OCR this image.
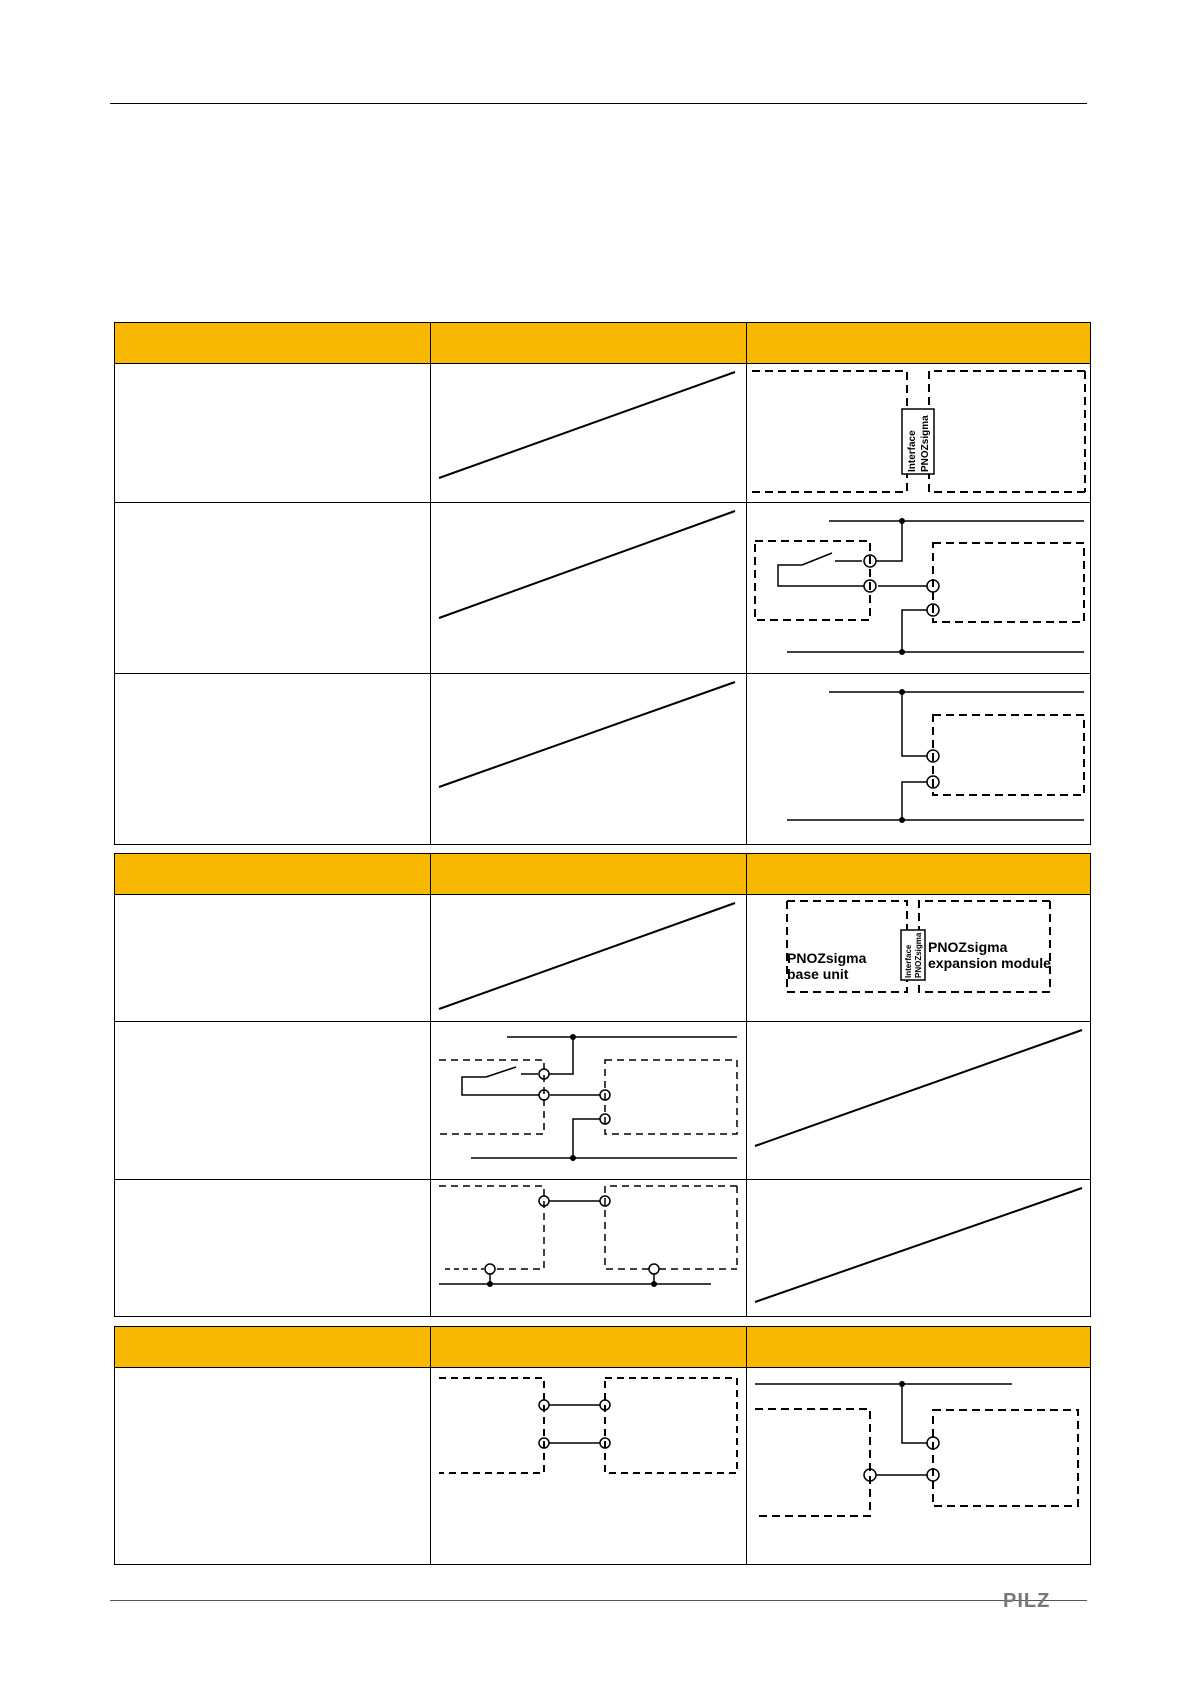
Interface PNOZsigma
Interface PNOZsigma
PNOZsigma
base unit
PNOZsigma
expansion module
PILZ
